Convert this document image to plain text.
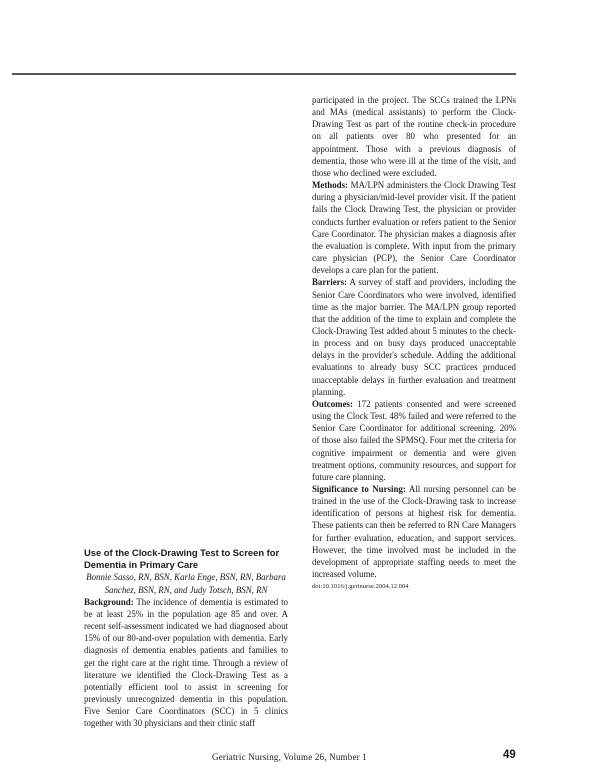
Use of the Clock-Drawing Test to Screen for Dementia in Primary Care

Bonnie Sasso, RN, BSN, Karla Enge, BSN, RN, Barbara Sanchez, BSN, RN, and Judy Totsch, BSN, RN

Background: The incidence of dementia is estimated to be at least 25% in the population age 85 and over. A recent self-assessment indicated we had diagnosed about 15% of our 80-and-over population with dementia. Early diagnosis of dementia enables patients and families to get the right care at the right time. Through a review of literature we identified the Clock-Drawing Test as a potentially efficient tool to assist in screening for previously unrecognized dementia in this population. Five Senior Care Coordinators (SCC) in 5 clinics together with 30 physicians and their clinic staff

participated in the project. The SCCs trained the LPNs and MAs (medical assistants) to perform the Clock-Drawing Test as part of the routine check-in procedure on all patients over 80 who presented for an appointment. Those with a previous diagnosis of dementia, those who were ill at the time of the visit, and those who declined were excluded.

Methods: MA/LPN administers the Clock Drawing Test during a physician/mid-level provider visit. If the patient fails the Clock Drawing Test, the physician or provider conducts further evaluation or refers patient to the Senior Care Coordinator. The physician makes a diagnosis after the evaluation is complete. With input from the primary care physician (PCP), the Senior Care Coordinator develops a care plan for the patient.

Barriers: A survey of staff and providers, including the Senior Care Coordinators who were involved, identified time as the major barrier. The MA/LPN group reported that the addition of the time to explain and complete the Clock-Drawing Test added about 5 minutes to the check-in process and on busy days produced unacceptable delays in the provider's schedule. Adding the additional evaluations to already busy SCC practices produced unacceptable delays in further evaluation and treatment planning.

Outcomes: 172 patients consented and were screened using the Clock Test. 48% failed and were referred to the Senior Care Coordinator for additional screening. 20% of those also failed the SPMSQ. Four met the criteria for cognitive impairment or dementia and were given treatment options, community resources, and support for future care planning.

Significance to Nursing: All nursing personnel can be trained in the use of the Clock-Drawing task to increase identification of persons at highest risk for dementia. These patients can then be referred to RN Care Managers for further evaluation, education, and support services. However, the time involved must be included in the development of appropriate staffing needs to meet the increased volume.

doi:10.1016/j.gerinurse.2004.12.004

Geriatric Nursing, Volume 26, Number 1	49
